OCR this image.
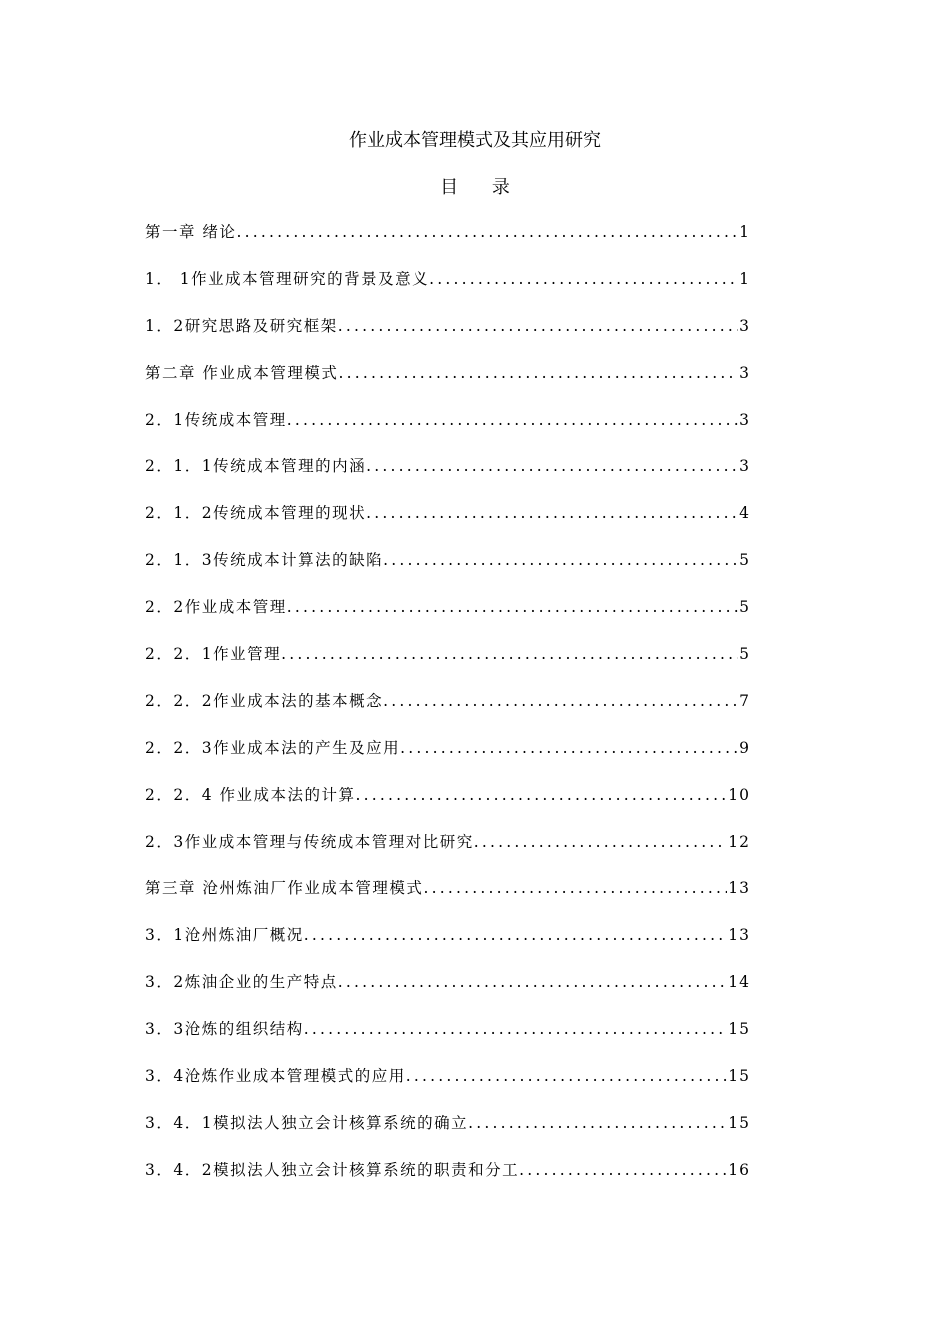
作业成本管理模式及其应用研究
目 录
第一章 绪论 .....	1
1． 1作业成本管理研究的背景及意义 .....	1
1．2研究思路及研究框架 .....	3
第二章 作业成本管理模式 .....	3
2．1传统成本管理 .....	3
2．1．1传统成本管理的内涵 .....	3
2．1．2传统成本管理的现状 .....	4
2．1．3传统成本计算法的缺陷 .....	5
2．2作业成本管理 .....	5
2．2．1作业管理 .....	5
2．2．2作业成本法的基本概念 .....	7
2．2．3作业成本法的产生及应用 .....	9
2．2．4 作业成本法的计算 .....	10
2．3作业成本管理与传统成本管理对比研究 .....	12
第三章 沧州炼油厂作业成本管理模式 .....	13
3．1沧州炼油厂概况 .....	13
3．2炼油企业的生产特点 .....	14
3．3沧炼的组织结构 .....	15
3．4沧炼作业成本管理模式的应用 .....	15
3．4．1模拟法人独立会计核算系统的确立 .....	15
3．4．2模拟法人独立会计核算系统的职责和分工 .....	16
